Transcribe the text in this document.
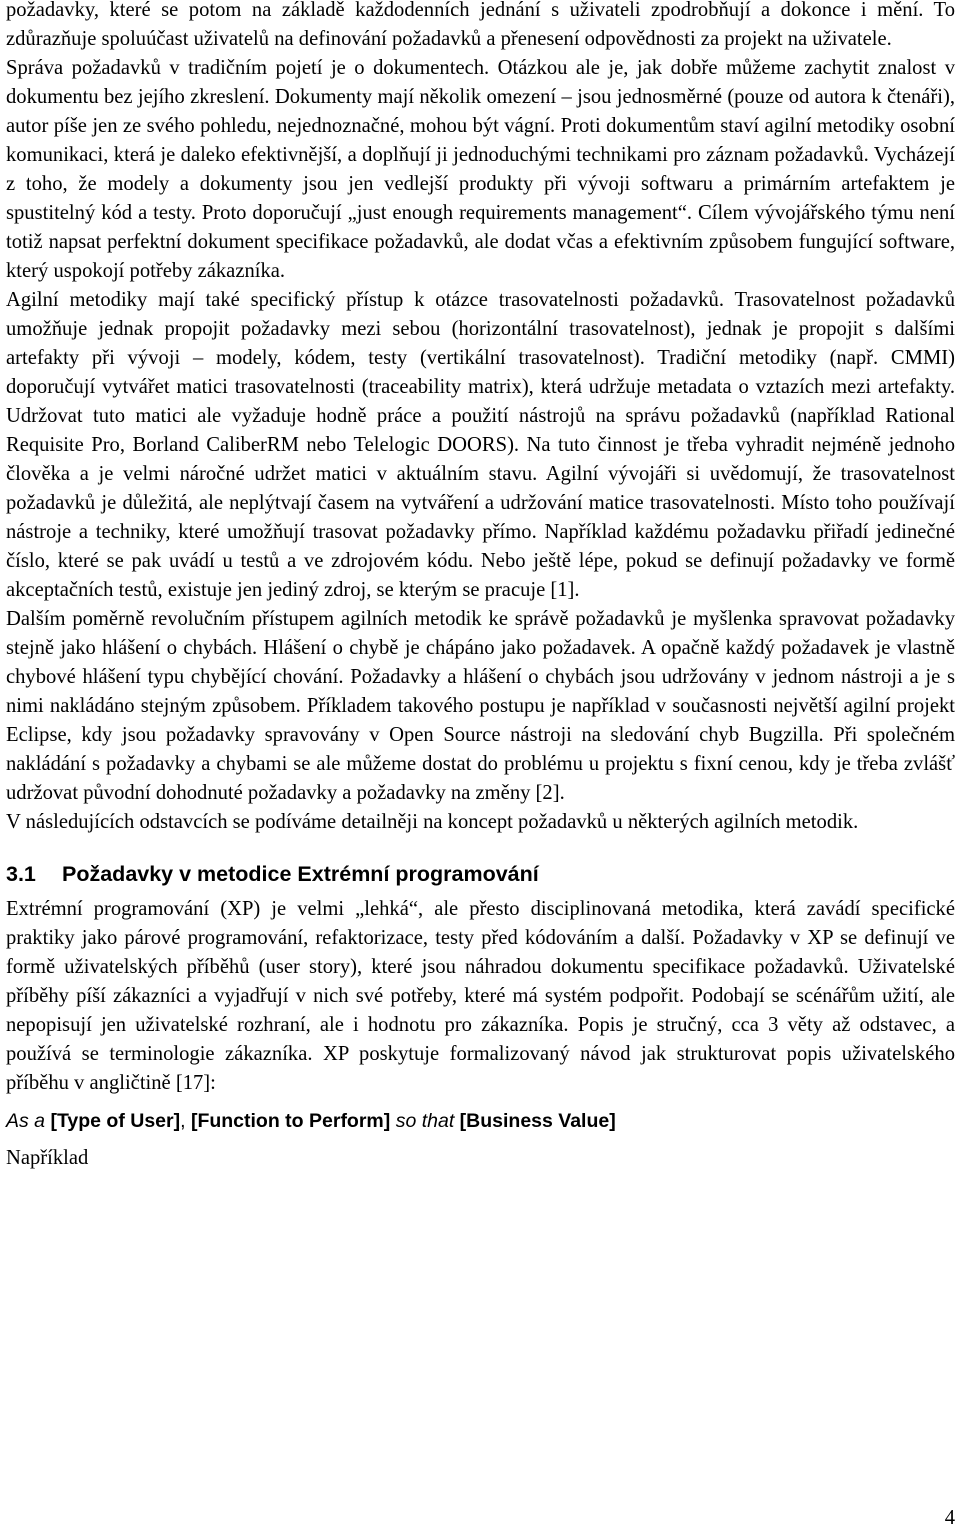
požadavky, které se potom na základě každodenních jednání s uživateli zpodrobňují a dokonce i mění. To zdůrazňuje spoluúčast uživatelů na definování požadavků a přenesení odpovědnosti za projekt na uživatele.

Správa požadavků v tradičním pojetí je o dokumentech. Otázkou ale je, jak dobře můžeme zachytit znalost v dokumentu bez jejího zkreslení. Dokumenty mají několik omezení – jsou jednosměrné (pouze od autora k čtenáři), autor píše jen ze svého pohledu, nejednoznačné, mohou být vágní. Proti dokumentům staví agilní metodiky osobní komunikaci, která je daleko efektivnější, a doplňují ji jednoduchými technikami pro záznam požadavků. Vycházejí z toho, že modely a dokumenty jsou jen vedlejší produkty při vývoji softwaru a primárním artefaktem je spustitelný kód a testy. Proto doporučují „just enough requirements management“. Cílem vývojářského týmu není totiž napsat perfektní dokument specifikace požadavků, ale dodat včas a efektivním způsobem fungující software, který uspokojí potřeby zákazníka.

Agilní metodiky mají také specifický přístup k otázce trasovatelnosti požadavků. Trasovatelnost požadavků umožňuje jednak propojit požadavky mezi sebou (horizontální trasovatelnost), jednak je propojit s dalšími artefakty při vývoji – modely, kódem, testy (vertikální trasovatelnost). Tradiční metodiky (např. CMMI) doporučují vytvářet matici trasovatelnosti (traceability matrix), která udržuje metadata o vztazích mezi artefakty. Udržovat tuto matici ale vyžaduje hodně práce a použití nástrojů na správu požadavků (například Rational Requisite Pro, Borland CaliberRM nebo Telelogic DOORS). Na tuto činnost je třeba vyhradit nejméně jednoho člověka a je velmi náročné udržet matici v aktuálním stavu. Agilní vývojáři si uvědomují, že trasovatelnost požadavků je důležitá, ale neplýtvají časem na vytváření a udržování matice trasovatelnosti. Místo toho používají nástroje a techniky, které umožňují trasovat požadavky přímo. Například každému požadavku přiřadí jedinečné číslo, které se pak uvádí u testů a ve zdrojovém kódu. Nebo ještě lépe, pokud se definují požadavky ve formě akceptačních testů, existuje jen jediný zdroj, se kterým se pracuje [1].

Dalším poměrně revolučním přístupem agilních metodik ke správě požadavků je myšlenka spravovat požadavky stejně jako hlášení o chybách. Hlášení o chybě je chápáno jako požadavek. A opačně každý požadavek je vlastně chybové hlášení typu chybějící chování. Požadavky a hlášení o chybách jsou udržovány v jednom nástroji a je s nimi nakládáno stejným způsobem. Příkladem takového postupu je například v současnosti největší agilní projekt Eclipse, kdy jsou požadavky spravovány v Open Source nástroji na sledování chyb Bugzilla. Při společném nakládání s požadavky a chybami se ale můžeme dostat do problému u projektu s fixní cenou, kdy je třeba zvlášť udržovat původní dohodnuté požadavky a požadavky na změny [2].

V následujících odstavcích se podíváme detailněji na koncept požadavků u některých agilních metodik.

3.1 Požadavky v metodice Extrémní programování

Extrémní programování (XP) je velmi „lehká“, ale přesto disciplinovaná metodika, která zavádí specifické praktiky jako párové programování, refaktorizace, testy před kódováním a další. Požadavky v XP se definují ve formě uživatelských příběhů (user story), které jsou náhradou dokumentu specifikace požadavků. Uživatelské příběhy píší zákazníci a vyjadřují v nich své potřeby, které má systém podpořit. Podobají se scénářům užití, ale nepopisují jen uživatelské rozhraní, ale i hodnotu pro zákazníka. Popis je stručný, cca 3 věty až odstavec, a používá se terminologie zákazníka. XP poskytuje formalizovaný návod jak strukturovat popis uživatelského příběhu v angličtině [17]:

As a [Type of User], [Function to Perform] so that [Business Value]

Například

4
